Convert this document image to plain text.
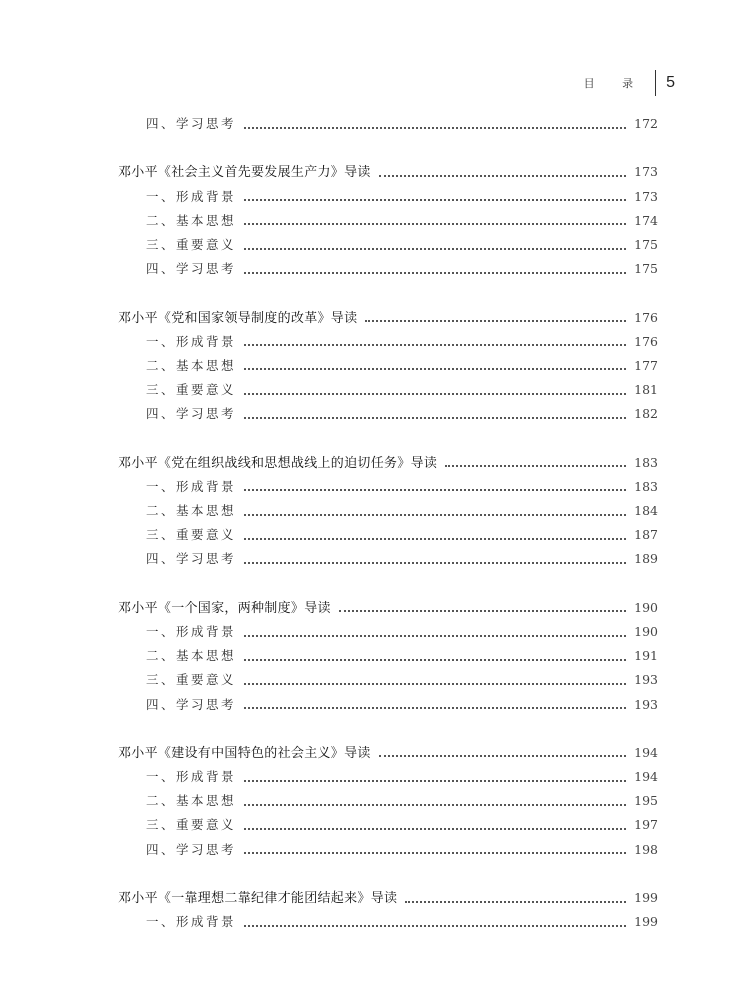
目 录 5
四、学习思考	172
邓小平《社会主义首先要发展生产力》导读	173
一、形成背景	173
二、基本思想	174
三、重要意义	175
四、学习思考	175
邓小平《党和国家领导制度的改革》导读	176
一、形成背景	176
二、基本思想	177
三、重要意义	181
四、学习思考	182
邓小平《党在组织战线和思想战线上的迫切任务》导读	183
一、形成背景	183
二、基本思想	184
三、重要意义	187
四、学习思考	189
邓小平《一个国家，两种制度》导读	190
一、形成背景	190
二、基本思想	191
三、重要意义	193
四、学习思考	193
邓小平《建设有中国特色的社会主义》导读	194
一、形成背景	194
二、基本思想	195
三、重要意义	197
四、学习思考	198
邓小平《一靠理想二靠纪律才能团结起来》导读	199
一、形成背景	199
